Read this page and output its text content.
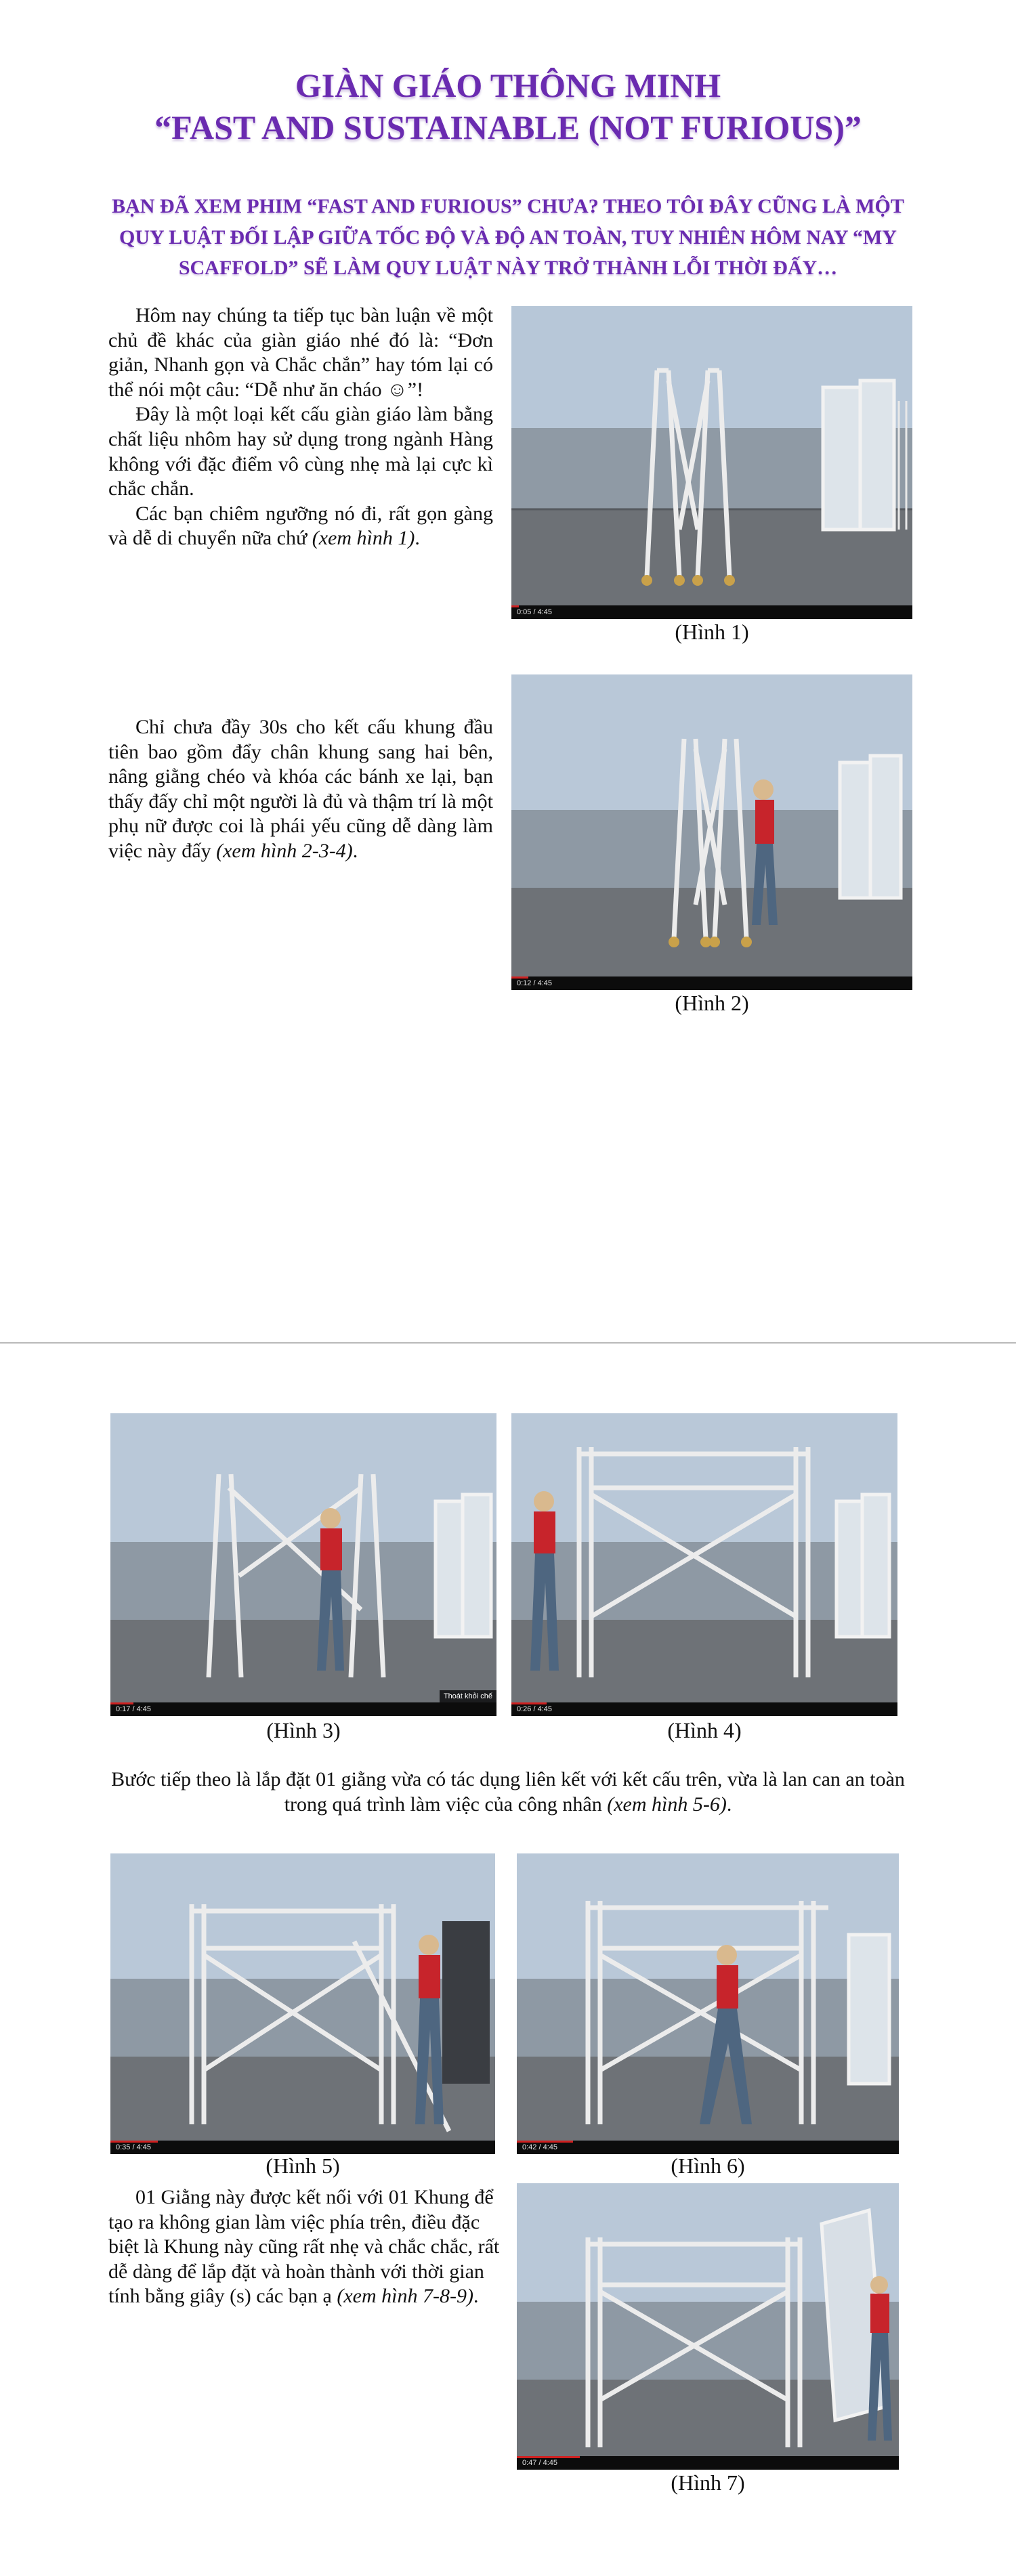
GIÀN GIÁO THÔNG MINH
“FAST AND SUSTAINABLE (NOT FURIOUS)”
BẠN ĐÃ XEM PHIM “FAST AND FURIOUS” CHƯA? THEO TÔI ĐÂY CŨNG LÀ MỘT QUY LUẬT ĐỐI LẬP GIỮA TỐC ĐỘ VÀ ĐỘ AN TOÀN, TUY NHIÊN HÔM NAY “MY SCAFFOLD” SẼ LÀM QUY LUẬT NÀY TRỞ THÀNH LỖI THỜI ĐẤY…

Hôm nay chúng ta tiếp tục bàn luận về một chủ đề khác của giàn giáo nhé đó là: “Đơn giản, Nhanh gọn và Chắc chắn” hay tóm lại có thể nói một câu: “Dễ như ăn cháo ☺”!

Đây là một loại kết cấu giàn giáo làm bằng chất liệu nhôm hay sử dụng trong ngành Hàng không với đặc điểm vô cùng nhẹ mà lại cực kì chắc chắn.

Các bạn chiêm ngưỡng nó đi, rất gọn gàng và dễ di chuyển nữa chứ (xem hình 1).

Chỉ chưa đầy 30s cho kết cấu khung đầu tiên bao gồm đẩy chân khung sang hai bên, nâng giằng chéo và khóa các bánh xe lại, bạn thấy đấy chỉ một người là đủ và thậm trí là một phụ nữ được coi là phái yếu cũng dễ dàng làm việc này đấy (xem hình 2-3-4).

0:05 / 4:45
(Hình 1)
0:12 / 4:45
(Hình 2)
Thoát khỏi chế
0:17 / 4:45
(Hình 3)
0:26 / 4:45
(Hình 4)

Bước tiếp theo là lắp đặt 01 giằng vừa có tác dụng liên kết với kết cấu trên, vừa là lan can an toàn trong quá trình làm việc của công nhân (xem hình 5-6).

0:35 / 4:45
(Hình 5)
0:42 / 4:45
(Hình 6)

01 Giằng này được kết nối với 01 Khung để tạo ra không gian làm việc phía trên, điều đặc biệt là Khung này cũng rất nhẹ và chắc chắc, rất dễ dàng để lắp đặt và hoàn thành với thời gian tính bằng giây (s) các bạn ạ (xem hình 7-8-9).

0:47 / 4:45
(Hình 7)
